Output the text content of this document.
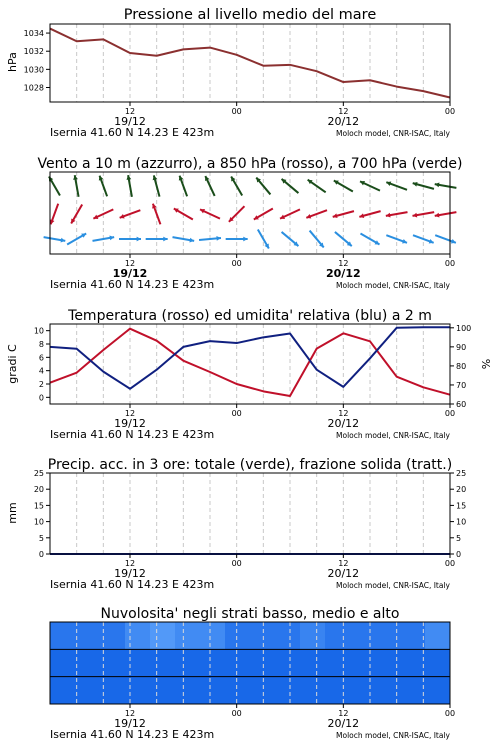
Pressione al livello medio del mare
Vento a 10 m (azzurro), a 850 hPa (rosso), a 700 hPa (verde)
Temperatura (rosso) ed umidita' relativa (blu) a 2 m
Precip. acc. in 3 ore: totale (verde), frazione solida (tratt.)
Nuvolosita' negli strati basso, medio e alto
hPa
gradi C	%
mm
1028
1030
1032
1034
12	00	12	00
19/12	20/12
Isernia 41.60 N 14.23 E 423m	Moloch model, CNR-ISAC, Italy
12	00	12	00
19/12	20/12
Isernia 41.60 N 14.23 E 423m	Moloch model, CNR-ISAC, Italy
0
2
4
6
8
10
60
70
80
90
100
12	00	12	00
19/12	20/12
Isernia 41.60 N 14.23 E 423m	Moloch model, CNR-ISAC, Italy
0
5
10
15
20
25
0
5
10
15
20
25
12	00	12	00
19/12	20/12
Isernia 41.60 N 14.23 E 423m	Moloch model, CNR-ISAC, Italy
12	00	12	00
19/12	20/12
Isernia 41.60 N 14.23 E 423m	Moloch model, CNR-ISAC, Italy
